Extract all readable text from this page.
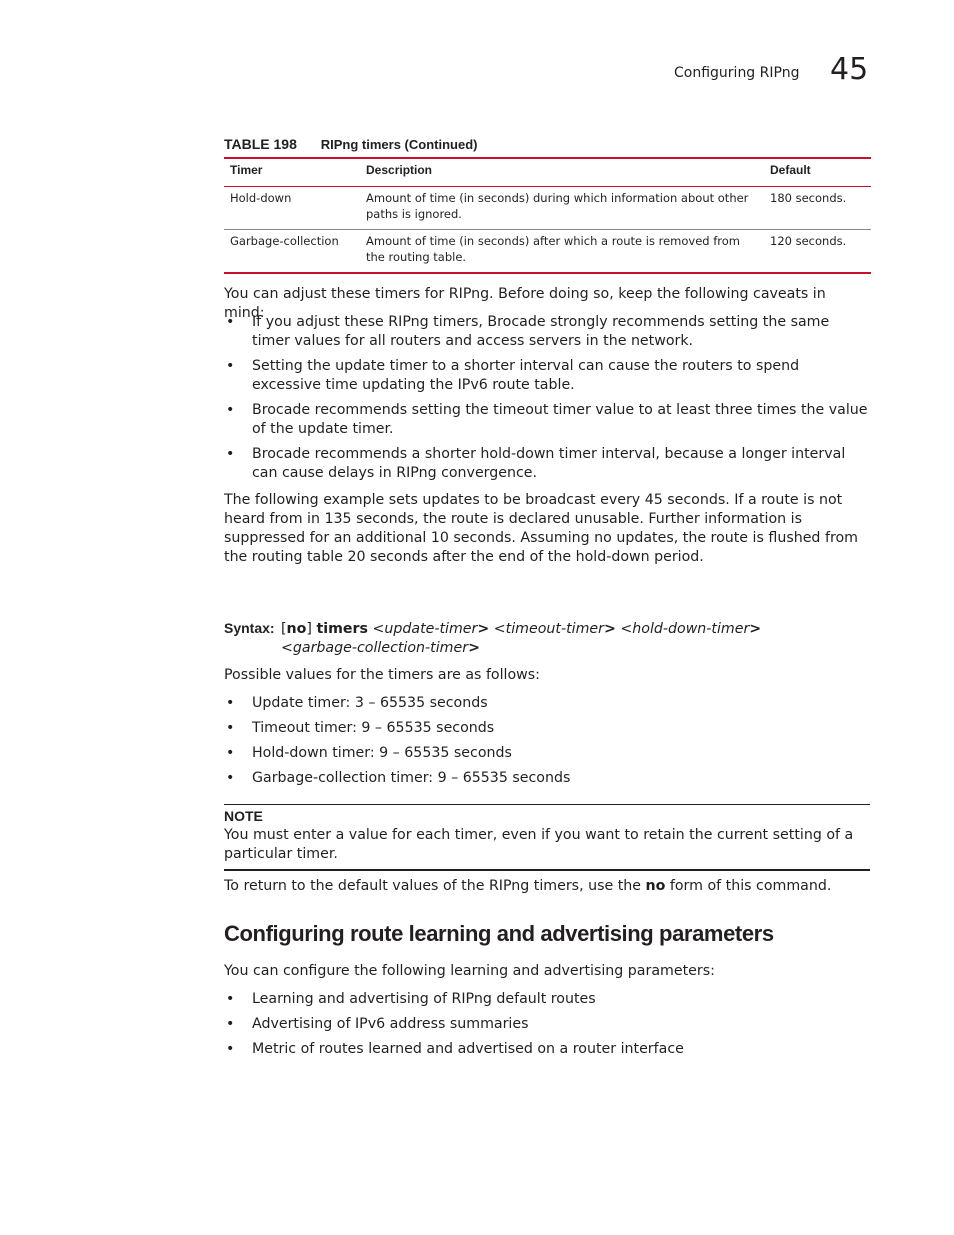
Configuring RIPng 45
TABLE 198 RIPng timers (Continued)
Timer	Description	Default
Hold-down	Amount of time (in seconds) during which information about other paths is ignored.	180 seconds.
Garbage-collection	Amount of time (in seconds) after which a route is removed from the routing table.	120 seconds.

You can adjust these timers for RIPng. Before doing so, keep the following caveats in mind:

• If you adjust these RIPng timers, Brocade strongly recommends setting the same timer values for all routers and access servers in the network.
• Setting the update timer to a shorter interval can cause the routers to spend excessive time updating the IPv6 route table.
• Brocade recommends setting the timeout timer value to at least three times the value of the update timer.
• Brocade recommends a shorter hold-down timer interval, because a longer interval can cause delays in RIPng convergence.

The following example sets updates to be broadcast every 45 seconds. If a route is not heard from in 135 seconds, the route is declared unusable. Further information is suppressed for an additional 10 seconds. Assuming no updates, the route is flushed from the routing table 20 seconds after the end of the hold-down period.

Syntax: [no] timers <update-timer> <timeout-timer> <hold-down-timer>
<garbage-collection-timer>

Possible values for the timers are as follows:

• Update timer: 3 – 65535 seconds
• Timeout timer: 9 – 65535 seconds
• Hold-down timer: 9 – 65535 seconds
• Garbage-collection timer: 9 – 65535 seconds
NOTE
You must enter a value for each timer, even if you want to retain the current setting of a particular timer.

To return to the default values of the RIPng timers, use the no form of this command.

Configuring route learning and advertising parameters

You can configure the following learning and advertising parameters:

• Learning and advertising of RIPng default routes
• Advertising of IPv6 address summaries
• Metric of routes learned and advertised on a router interface
